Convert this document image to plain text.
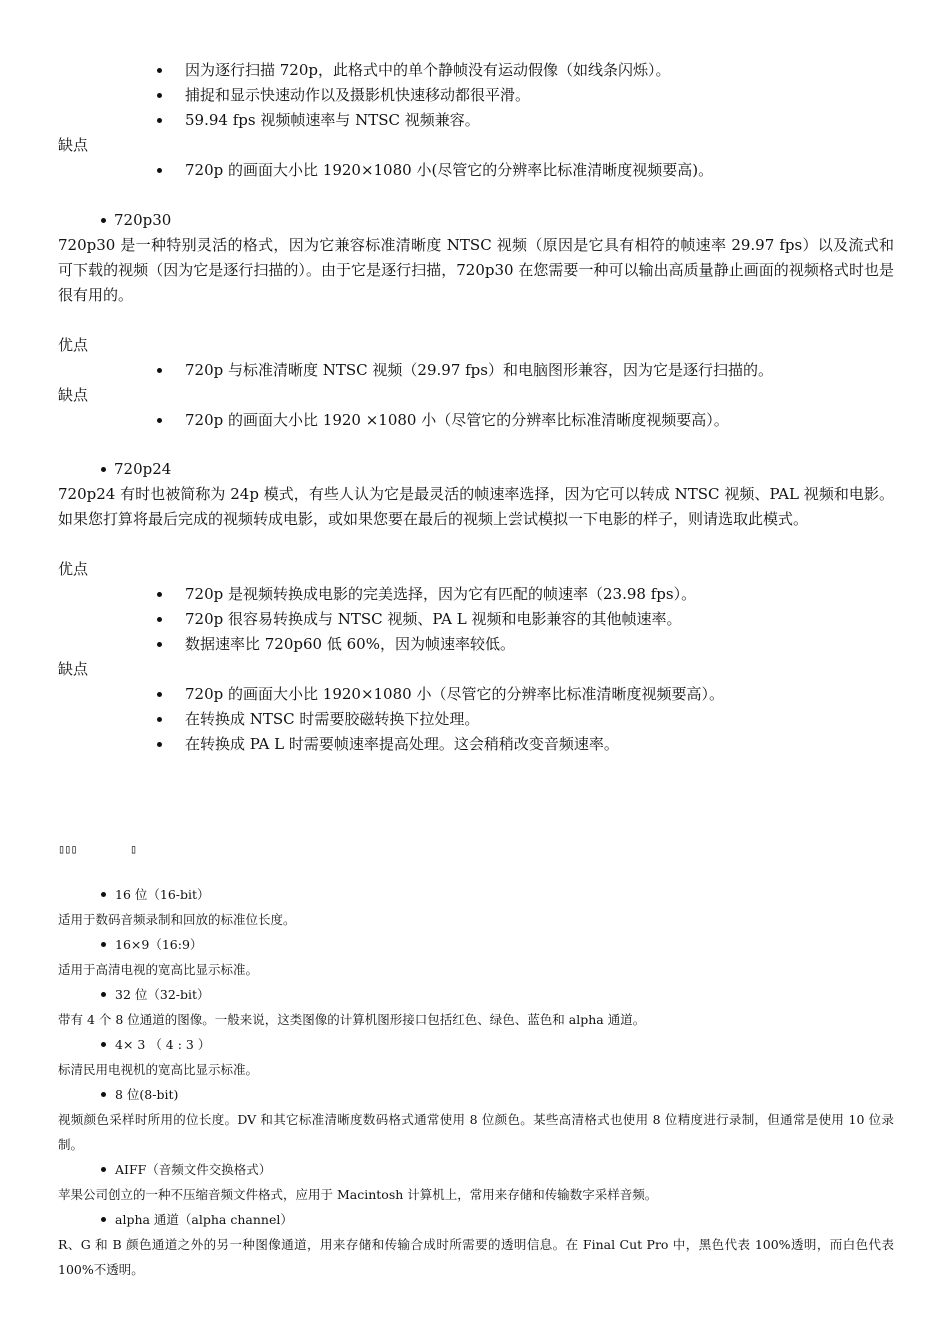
因为逐行扫描 720p，此格式中的单个静帧没有运动假像（如线条闪烁）。
捕捉和显示快速动作以及摄影机快速移动都很平滑。
59.94 fps 视频帧速率与 NTSC 视频兼容。
缺点
720p 的画面大小比 1920×1080 小(尽管它的分辨率比标准清晰度视频要高)。
720p30
720p30 是一种特别灵活的格式，因为它兼容标准清晰度 NTSC 视频（原因是它具有相符的帧速率 29.97 fps）以及流式和可下载的视频（因为它是逐行扫描的）。由于它是逐行扫描，720p30 在您需要一种可以输出高质量静止画面的视频格式时也是很有用的。
优点
720p 与标准清晰度 NTSC 视频（29.97 fps）和电脑图形兼容，因为它是逐行扫描的。
缺点
720p 的画面大小比 1920 ×1080 小（尽管它的分辨率比标准清晰度视频要高）。
720p24
720p24 有时也被简称为 24p 模式，有些人认为它是最灵活的帧速率选择，因为它可以转成 NTSC 视频、PAL 视频和电影。如果您打算将最后完成的视频转成电影，或如果您要在最后的视频上尝试模拟一下电影的样子，则请选取此模式。
优点
720p 是视频转换成电影的完美选择，因为它有匹配的帧速率（23.98 fps）。
720p 很容易转换成与 NTSC 视频、PA L 视频和电影兼容的其他帧速率。
数据速率比 720p60 低 60%，因为帧速率较低。
缺点
720p 的画面大小比 1920×1080 小（尽管它的分辨率比标准清晰度视频要高）。
在转换成 NTSC 时需要胶磁转换下拉处理。
在转换成 PA L 时需要帧速率提高处理。这会稍稍改变音频速率。
▯▯▯	▯
16 位（16-bit）
适用于数码音频录制和回放的标准位长度。
16×9（16:9）
适用于高清电视的宽高比显示标准。
32 位（32-bit）
带有 4 个 8 位通道的图像。一般来说，这类图像的计算机图形接口包括红色、绿色、蓝色和 alpha 通道。
4× 3 （ 4 : 3 ）
标清民用电视机的宽高比显示标准。
8 位(8-bit)
视频颜色采样时所用的位长度。DV 和其它标准清晰度数码格式通常使用 8 位颜色。某些高清格式也使用 8 位精度进行录制，但通常是使用 10 位录制。
AIFF（音频文件交换格式）
苹果公司创立的一种不压缩音频文件格式，应用于 Macintosh 计算机上，常用来存储和传输数字采样音频。
alpha 通道（alpha channel）
R、G 和 B 颜色通道之外的另一种图像通道，用来存储和传输合成时所需要的透明信息。在 Final Cut Pro 中，黑色代表 100%透明，而白色代表 100%不透明。
